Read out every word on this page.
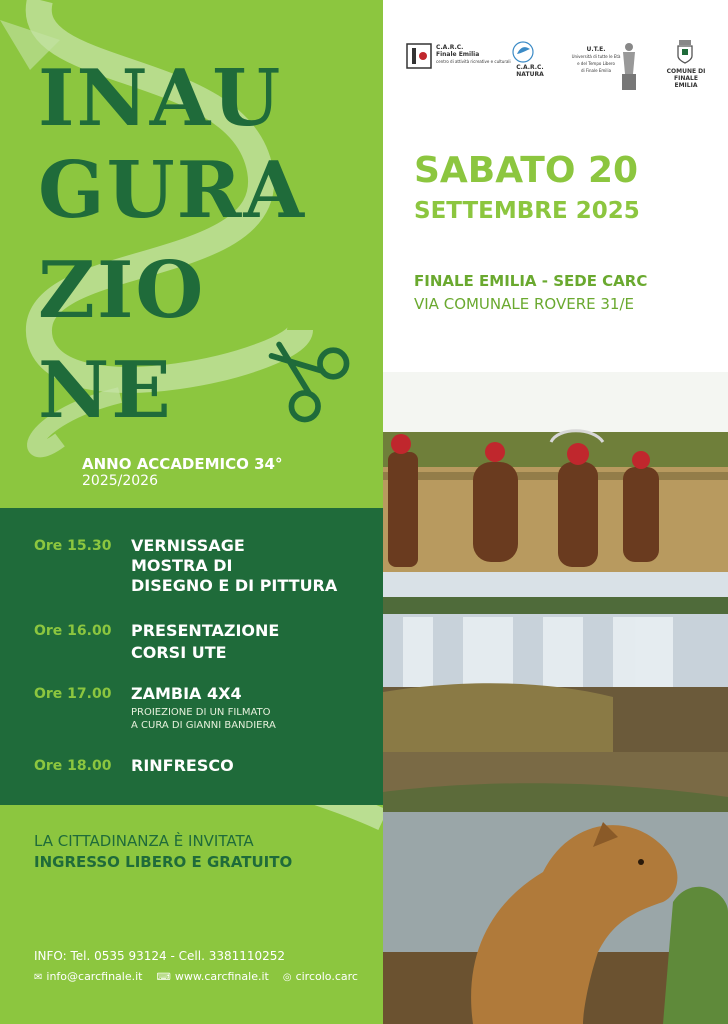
INAU
GURA
ZIO
NE
ANNO ACCADEMICO 34°
2025/2026
Ore 15.30 VERNISSAGE
MOSTRA DI
DISEGNO E DI PITTURA
Ore 16.00 PRESENTAZIONE
CORSI UTE
Ore 17.00 ZAMBIA 4X4
PROIEZIONE DI UN FILMATO
A CURA DI GIANNI BANDIERA
Ore 18.00 RINFRESCO
LA CITTADINANZA È INVITATA
INGRESSO LIBERO E GRATUITO
INFO: Tel. 0535 93124 - Cell. 3381110252
✉ info@carcfinale.it ⌨ www.carcfinale.it ◎ circolo.carc
C.A.R.C.
Finale Emilia
centro di attività ricreative e culturali
C.A.R.C.
NATURA
U.T.E.
Università di tutte le Età
e del Tempo Libero
di Finale Emilia	COMUNE DI
FINALE EMILIA
SABATO 20
SETTEMBRE 2025
FINALE EMILIA - SEDE CARC
VIA COMUNALE ROVERE 31/E
